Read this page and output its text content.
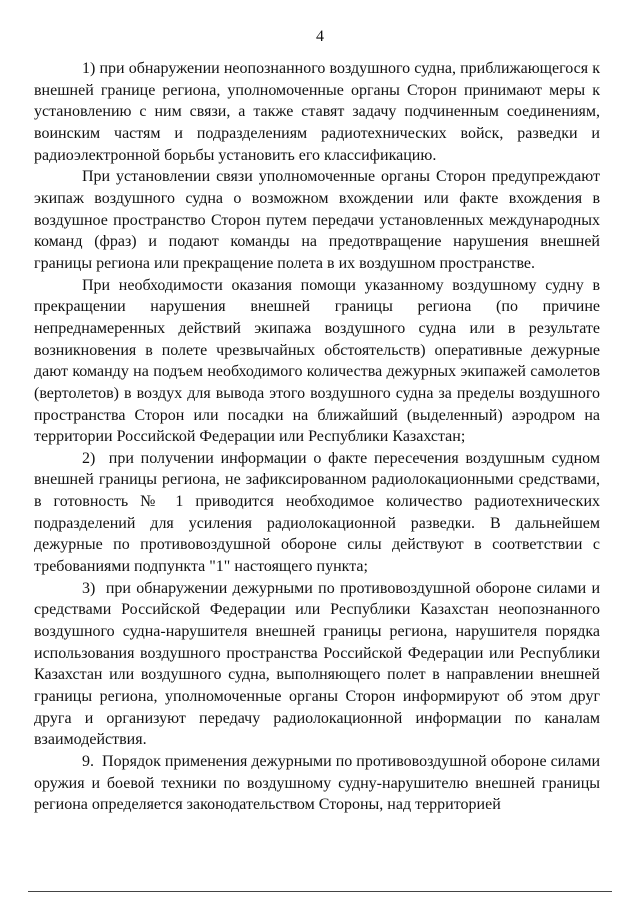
4

1) при обнаружении неопознанного воздушного судна, приближающегося к внешней границе региона, уполномоченные органы Сторон принимают меры к установлению с ним связи, а также ставят задачу подчиненным соединениям, воинским частям и подразделениям радиотехнических войск, разведки и радиоэлектронной борьбы установить его классификацию.

При установлении связи уполномоченные органы Сторон предупреждают экипаж воздушного судна о возможном вхождении или факте вхождения в воздушное пространство Сторон путем передачи установленных международных команд (фраз) и подают команды на предотвращение нарушения внешней границы региона или прекращение полета в их воздушном пространстве.

При необходимости оказания помощи указанному воздушному судну в прекращении нарушения внешней границы региона (по причине непреднамеренных действий экипажа воздушного судна или в результате возникновения в полете чрезвычайных обстоятельств) оперативные дежурные дают команду на подъем необходимого количества дежурных экипажей самолетов (вертолетов) в воздух для вывода этого воздушного судна за пределы воздушного пространства Сторон или посадки на ближайший (выделенный) аэродром на территории Российской Федерации или Республики Казахстан;

2)  при получении информации о факте пересечения воздушным судном внешней границы региона, не зафиксированном радиолокационными средствами, в готовность № 1 приводится необходимое количество радиотехнических подразделений для усиления радиолокационной разведки. В дальнейшем дежурные по противовоздушной обороне силы действуют в соответствии с требованиями подпункта "1" настоящего пункта;

3)  при обнаружении дежурными по противовоздушной обороне силами и средствами Российской Федерации или Республики Казахстан неопознанного воздушного судна-нарушителя внешней границы региона, нарушителя порядка использования воздушного пространства Российской Федерации или Республики Казахстан или воздушного судна, выполняющего полет в направлении внешней границы региона, уполномоченные органы Сторон информируют об этом друг друга и организуют передачу радиолокационной информации по каналам взаимодействия.

9.  Порядок применения дежурными по противовоздушной обороне силами оружия и боевой техники по воздушному судну-нарушителю внешней границы региона определяется законодательством Стороны, над территорией
